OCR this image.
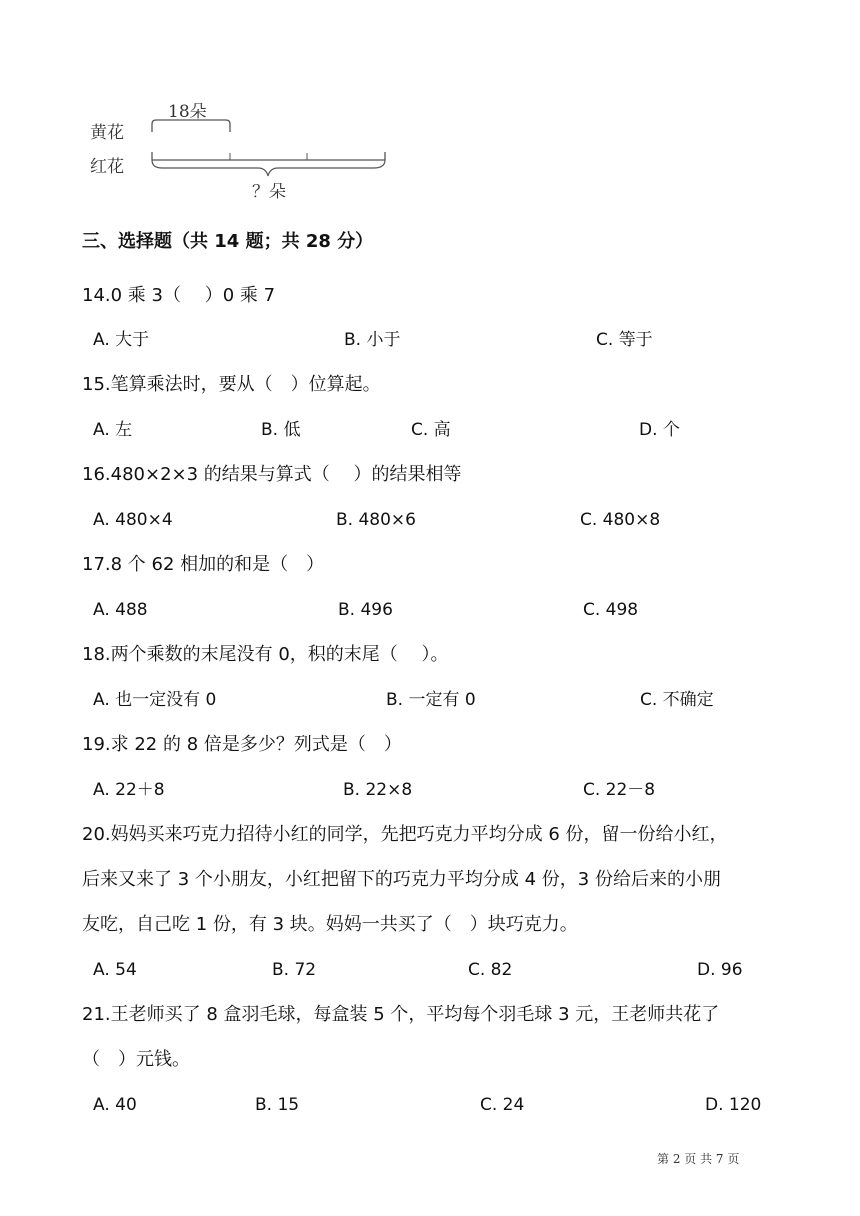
18朵
黄花
红花
？朵
三、选择题（共 14 题；共 28 分）
14.0 乘 3（　 ）0 乘 7
A. 大于	B. 小于	C. 等于
15.笔算乘法时，要从（　）位算起。
A. 左	B. 低	C. 高	D. 个
16.480×2×3 的结果与算式（　 ）的结果相等
A. 480×4	B. 480×6	C. 480×8
17.8 个 62 相加的和是（　）
A. 488	B. 496	C. 498
18.两个乘数的末尾没有 0，积的末尾（　 ）。
A. 也一定没有 0	B. 一定有 0	C. 不确定
19.求 22 的 8 倍是多少？列式是（　）
A. 22＋8	B. 22×8	C. 22－8
20.妈妈买来巧克力招待小红的同学，先把巧克力平均分成 6 份，留一份给小红，
后来又来了 3 个小朋友，小红把留下的巧克力平均分成 4 份，3 份给后来的小朋
友吃，自己吃 1 份，有 3 块。妈妈一共买了（　）块巧克力。
A. 54	B. 72	C. 82	D. 96
21.王老师买了 8 盒羽毛球，每盒装 5 个，平均每个羽毛球 3 元，王老师共花了
（　）元钱。
A. 40	B. 15	C. 24	D. 120
第 2 页 共 7 页
